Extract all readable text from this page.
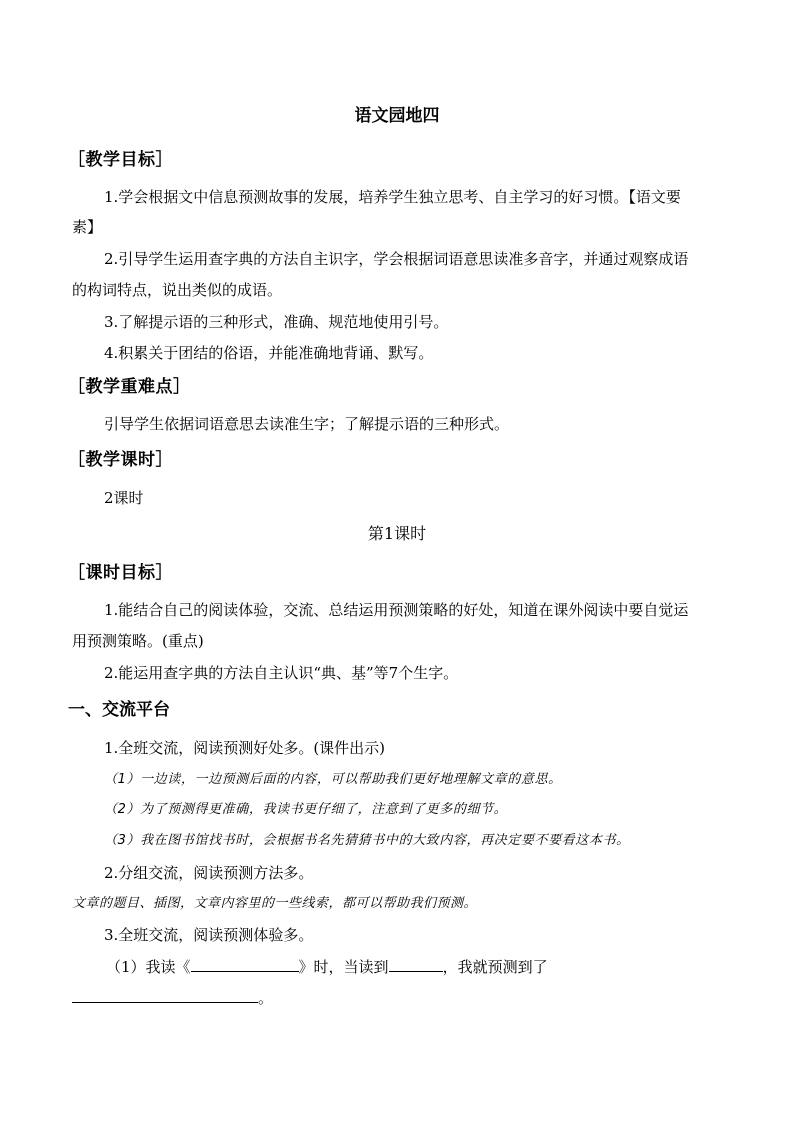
语文园地四
［教学目标］
1.学会根据文中信息预测故事的发展，培养学生独立思考、自主学习的好习惯。【语文要
素】
2.引导学生运用查字典的方法自主识字，学会根据词语意思读准多音字，并通过观察成语
的构词特点，说出类似的成语。
3.了解提示语的三种形式，准确、规范地使用引号。
4.积累关于团结的俗语，并能准确地背诵、默写。
［教学重难点］
引导学生依据词语意思去读准生字；了解提示语的三种形式。
［教学课时］
2课时
第1课时
［课时目标］
1.能结合自己的阅读体验，交流、总结运用预测策略的好处，知道在课外阅读中要自觉运
用预测策略。(重点)
2.能运用查字典的方法自主认识“典、基”等7个生字。
一、交流平台
1.全班交流，阅读预测好处多。(课件出示)
（1）一边读，一边预测后面的内容，可以帮助我们更好地理解文章的意思。
（2）为了预测得更准确，我读书更仔细了，注意到了更多的细节。
（3）我在图书馆找书时，会根据书名先猜猜书中的大致内容，再决定要不要看这本书。
2.分组交流，阅读预测方法多。
文章的题目、插图，文章内容里的一些线索，都可以帮助我们预测。
3.全班交流，阅读预测体验多。
（1）我读《	》时，当读到	，我就预测到了
。
